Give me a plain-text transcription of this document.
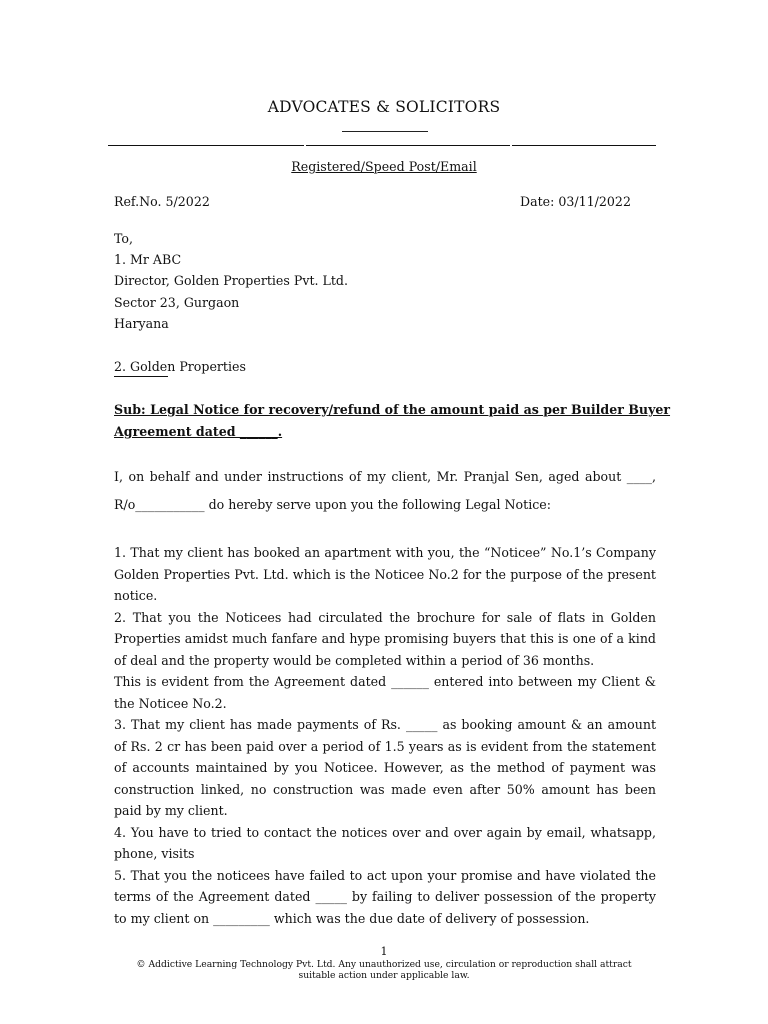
ADVOCATES & SOLICITORS
Registered/Speed Post/Email
Ref.No. 5/2022	Date: 03/11/2022
To,
1. Mr ABC
Director, Golden Properties Pvt. Ltd.
Sector 23, Gurgaon
Haryana
2. Golden Properties
Sub: Legal Notice for recovery/refund of the amount paid as per Builder Buyer
Agreement dated ______.

I, on behalf and under instructions of my client, Mr. Pranjal Sen, aged about ____, R/o___________ do hereby serve upon you the following Legal Notice:

1. That my client has booked an apartment with you, the “Noticee” No.1’s Company Golden Properties Pvt. Ltd. which is the Noticee No.2 for the purpose of the present notice.

2. That you the Noticees had circulated the brochure for sale of flats in Golden Properties amidst much fanfare and hype promising buyers that this is one of a kind of deal and the property would be completed within a period of 36 months.

This is evident from the Agreement dated ______ entered into between my Client & the Noticee No.2.

3. That my client has made payments of Rs. _____ as booking amount & an amount of Rs. 2 cr has been paid over a period of 1.5 years as is evident from the statement of accounts maintained by you Noticee. However, as the method of payment was construction linked, no construction was made even after 50% amount has been paid by my client.

4. You have to tried to contact the notices over and over again by email, whatsapp, phone, visits

5. That you the noticees have failed to act upon your promise and have violated the terms of the Agreement dated _____ by failing to deliver possession of the property to my client on _________ which was the due date of delivery of possession.

1
© Addictive Learning Technology Pvt. Ltd. Any unauthorized use, circulation or reproduction shall attract suitable action under applicable law.
